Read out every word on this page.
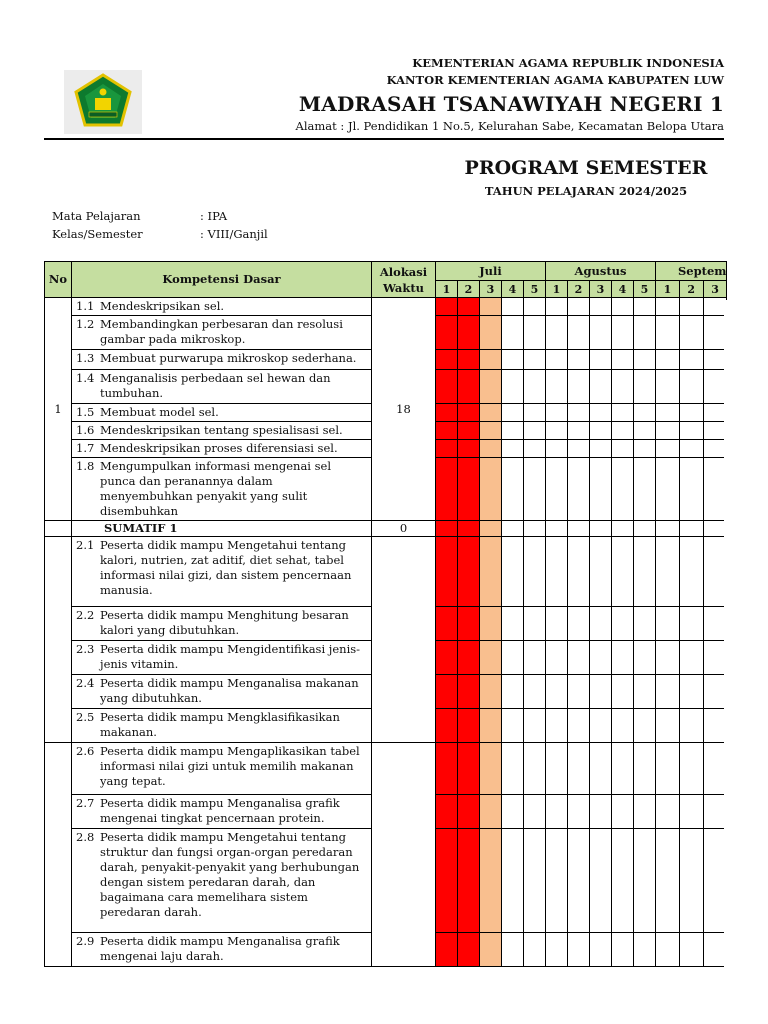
KEMENTERIAN AGAMA REPUBLIK INDONESIA
KANTOR KEMENTERIAN AGAMA KABUPATEN LUW
MADRASAH TSANAWIYAH NEGERI 1
Alamat : Jl. Pendidikan 1 No.5, Kelurahan Sabe, Kecamatan Belopa Utara
PROGRAM SEMESTER
TAHUN PELAJARAN 2024/2025
Mata Pelajaran	: IPA
Kelas/Semester	: VIII/Ganjil
No	Kompetensi Dasar	Alokasi Waktu	Juli					Agustus					Septem		
			1	2	3	4	5	1	2	3	4	5	1	2	3
1	1.1 Mendeskripsikan sel.	18													
	1.2 Membandingkan perbesaran dan resolusi gambar pada mikroskop.														
	1.3 Membuat purwarupa mikroskop sederhana.														
	1.4 Menganalisis perbedaan sel hewan dan tumbuhan.														
	1.5 Membuat model sel.														
	1.6 Mendeskripsikan tentang spesialisasi sel.														
	1.7 Mendeskripsikan proses diferensiasi sel.														
	1.8 Mengumpulkan informasi mengenai sel punca dan peranannya dalam menyembuhkan penyakit yang sulit disembuhkan														
	SUMATIF 1	0													
	2.1 Peserta didik mampu Mengetahui tentang kalori, nutrien, zat aditif, diet sehat, tabel informasi nilai gizi, dan sistem pencernaan manusia.														
	2.2 Peserta didik mampu Menghitung besaran kalori yang dibutuhkan.														
	2.3 Peserta didik mampu Mengidentifikasi jenis-jenis vitamin.														
	2.4 Peserta didik mampu Menganalisa makanan yang dibutuhkan.														
	2.5 Peserta didik mampu Mengklasifikasikan makanan.														
	2.6 Peserta didik mampu Mengaplikasikan tabel informasi nilai gizi untuk memilih makanan yang tepat.														
	2.7 Peserta didik mampu Menganalisa grafik mengenai tingkat pencernaan protein.														
	2.8 Peserta didik mampu Mengetahui tentang struktur dan fungsi organ-organ peredaran darah, penyakit-penyakit yang berhubungan dengan sistem peredaran darah, dan bagaimana cara memelihara sistem peredaran darah.														
	2.9 Peserta didik mampu Menganalisa grafik mengenai laju darah.														
